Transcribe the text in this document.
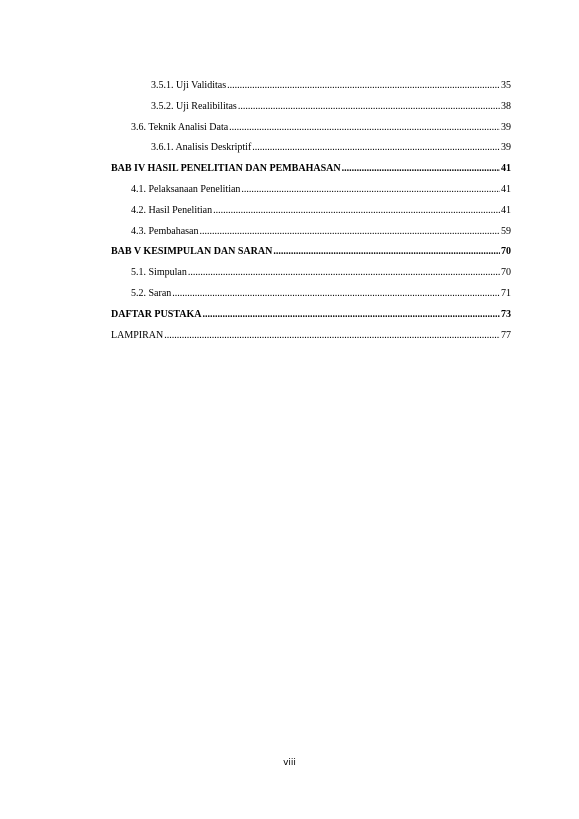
3.5.1. Uji Validitas .....	35
3.5.2. Uji Realibilitas .....	38
3.6. Teknik Analisi Data .....	39
3.6.1. Analisis Deskriptif .....	39
BAB IV HASIL PENELITIAN DAN PEMBAHASAN .....	41
4.1. Pelaksanaan Penelitian .....	41
4.2. Hasil Penelitian .....	41
4.3. Pembahasan .....	59
BAB V KESIMPULAN DAN SARAN .....	70
5.1. Simpulan .....	70
5.2. Saran .....	71
DAFTAR PUSTAKA .....	73
LAMPIRAN .....	77
viii
